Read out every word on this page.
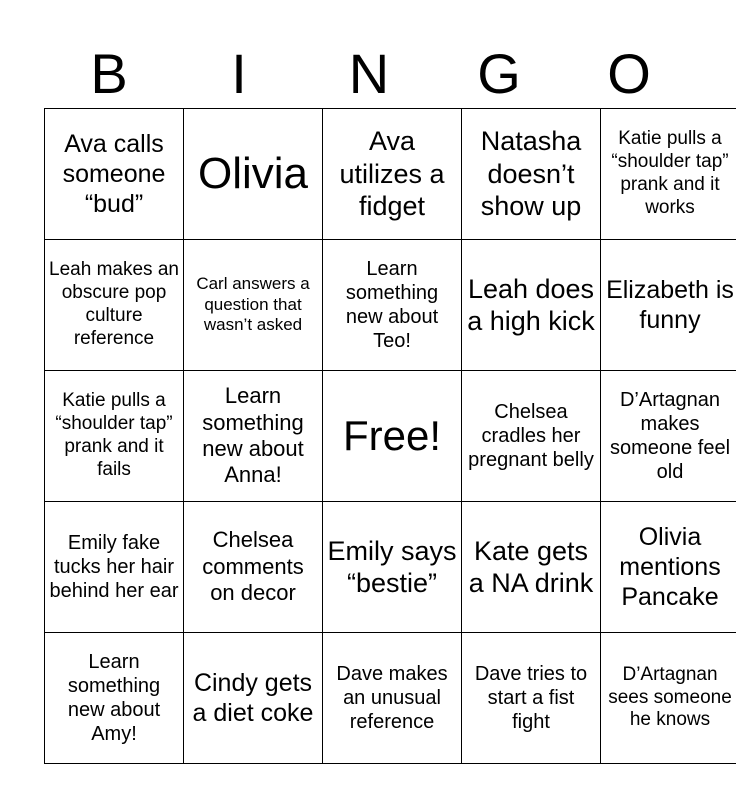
B	I	N	G	O
Ava calls someone “bud”	Olivia	Ava utilizes a fidget	Natasha doesn’t show up	Katie pulls a “shoulder tap” prank and it works
Leah makes an obscure pop culture reference	Carl answers a question that wasn’t asked	Learn something new about Teo!	Leah does a high kick	Elizabeth is funny
Katie pulls a “shoulder tap” prank and it fails	Learn something new about Anna!	Free!	Chelsea cradles her pregnant belly	D’Artagnan makes someone feel old
Emily fake tucks her hair behind her ear	Chelsea comments on decor	Emily says “bestie”	Kate gets a NA drink	Olivia mentions Pancake
Learn something new about Amy!	Cindy gets a diet coke	Dave makes an unusual reference	Dave tries to start a fist fight	D’Artagnan sees someone he knows
